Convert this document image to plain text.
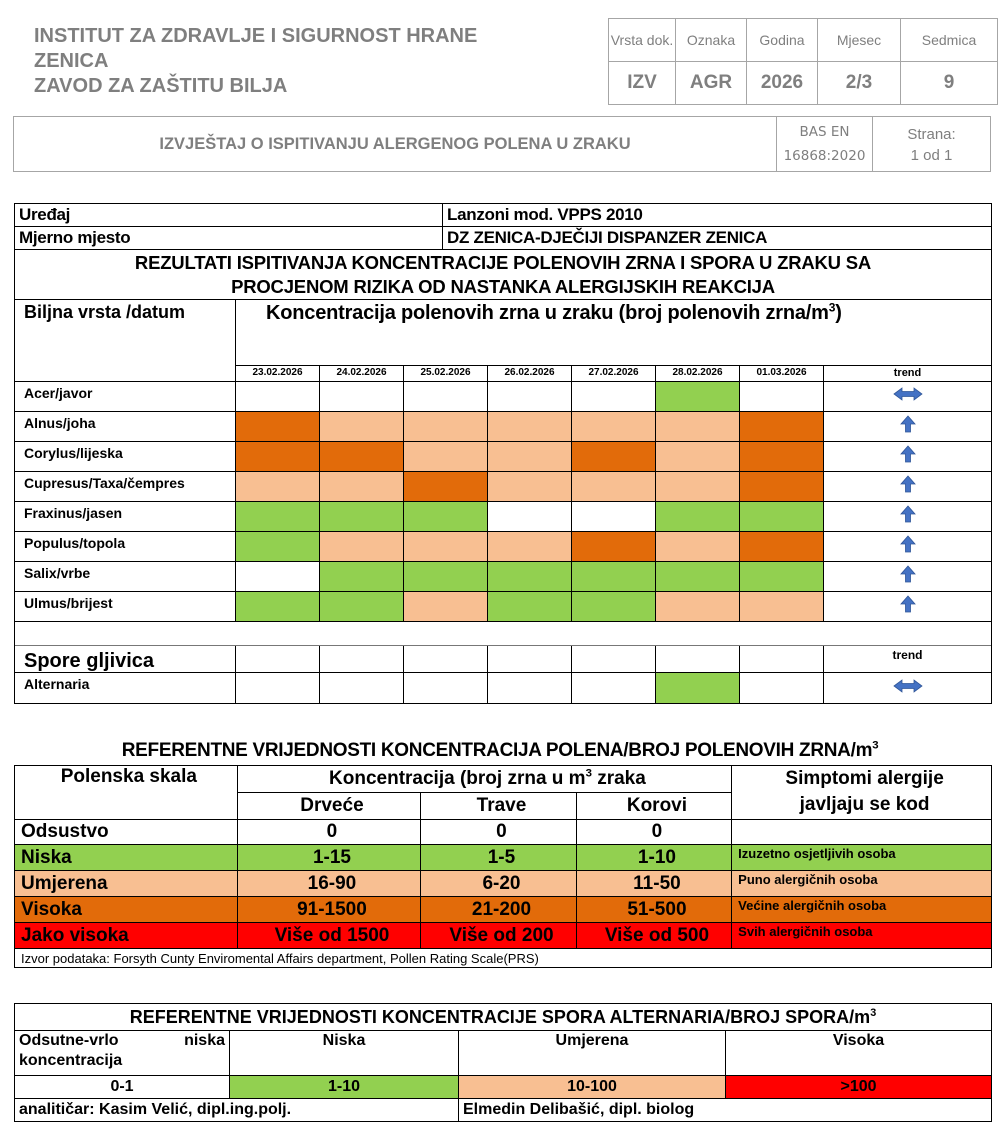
INSTITUT ZA ZDRAVLJE I SIGURNOST HRANE
ZENICA
ZAVOD ZA ZAŠTITU BILJA
Vrsta dok.	Oznaka	Godina	Mjesec	Sedmica
IZV	AGR	2026	2/3	9
IZVJEŠTAJ O ISPITIVANJU ALERGENOG POLENA U ZRAKU
BAS EN
16868:2020
Strana:
1 od 1
Uređaj	Lanzoni mod. VPPS 2010
Mjerno mjesto	DZ ZENICA-DJEČIJI DISPANZER ZENICA
REZULTATI ISPITIVANJA KONCENTRACIJE POLENOVIH ZRNA I SPORA U ZRAKU SA
PROCJENOM RIZIKA OD NASTANKA ALERGIJSKIH REAKCIJA
Biljna vrsta /datum	Koncentracija polenovih zrna u zraku (broj polenovih zrna/$m^3$)
23.02.2026	24.02.2026	25.02.2026	26.02.2026	27.02.2026	28.02.2026	01.03.2026	trend
Acer/javor
Alnus/joha
Corylus/lijeska
Cupresus/Taxa/čempres
Fraxinus/jasen
Populus/topola
Salix/vrbe
Ulmus/brijest
Spore gljivica	trend
Alternaria
REFERENTNE VRIJEDNOSTI KONCENTRACIJA POLENA/BROJ POLENOVIH ZRNA/$m^3$
Polenska skala	Koncentracija (broj zrna u $m^3$ zraka			Simptomi alergije
javljaju se kod

	Drveće	Trave	Korovi	
Odsustvo	0	0	0	
Niska	1-15	1-5	1-10	Izuzetno osjetljivih osoba
Umjerena	16-90	6-20	11-50	Puno alergičnih osoba
Visoka	91-1500	21-200	51-500	Većine alergičnih osoba
Jako visoka	Više od 1500	Više od 200	Više od 500	Svih alergičnih osoba
Izvor podataka: Forsyth Cunty Enviromental Affairs department, Pollen Rating Scale(PRS)				
REFERENTNE VRIJEDNOSTI KONCENTRACIJE SPORA ALTERNARIA/BROJ SPORA/$m^3$
Odsutne-vrlo niska koncentracija	Niska	Umjerena	Visoka
0-1	1-10	10-100	>100
analitičar: Kasim Velić, dipl.ing.polj.		Elmedin Delibašić, dipl. biolog	
